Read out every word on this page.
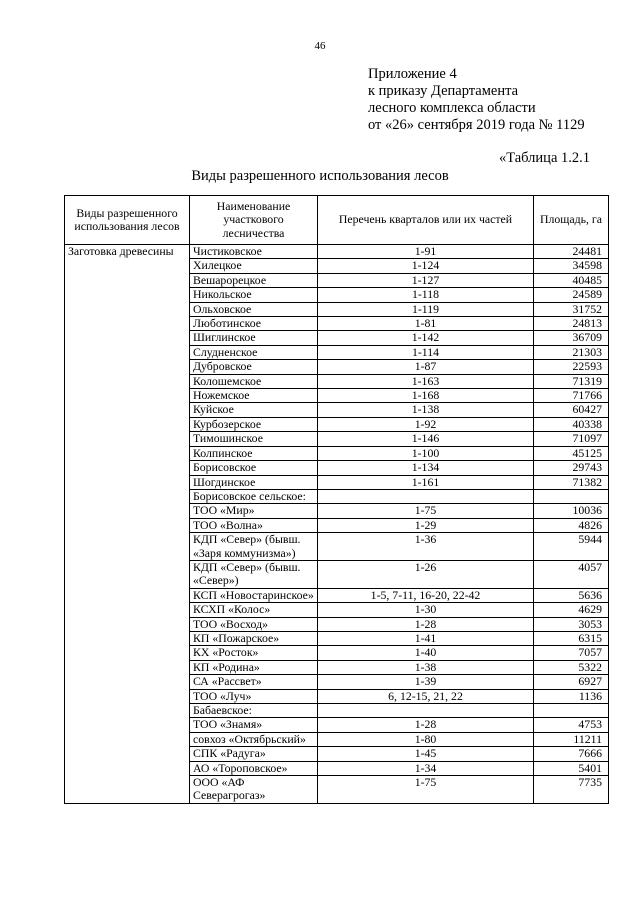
46
Приложение 4
к приказу Департамента
лесного комплекса области
от «26» сентября 2019 года № 1129
«Таблица 1.2.1
Виды разрешенного использования лесов
Виды разрешенного использования лесов	Наименование участкового лесничества	Перечень кварталов или их частей	Площадь, га
Заготовка древесины	Чистиковское	1-91	24481
	Хилецкое	1-124	34598
	Вешарорецкое	1-127	40485
	Никольское	1-118	24589
	Ольховское	1-119	31752
	Люботинское	1-81	24813
	Шиглинское	1-142	36709
	Слудненское	1-114	21303
	Дубровское	1-87	22593
	Колошемское	1-163	71319
	Ножемское	1-168	71766
	Куйское	1-138	60427
	Курбозерское	1-92	40338
	Тимошинское	1-146	71097
	Колпинское	1-100	45125
	Борисовское	1-134	29743
	Шогдинское	1-161	71382
	Борисовское сельское:		
	ТОО «Мир»	1-75	10036
	ТОО «Волна»	1-29	4826
	КДП «Север» (бывш. «Заря коммунизма»)	1-36	5944
	КДП «Север» (бывш. «Север»)	1-26	4057
	КСП «Новостаринское»	1-5, 7-11, 16-20, 22-42	5636
	КСХП «Колос»	1-30	4629
	ТОО «Восход»	1-28	3053
	КП «Пожарское»	1-41	6315
	КХ «Росток»	1-40	7057
	КП «Родина»	1-38	5322
	СА «Рассвет»	1-39	6927
	ТОО «Луч»	6, 12-15, 21, 22	1136
	Бабаевское:		
	ТОО «Знамя»	1-28	4753
	совхоз «Октябрьский»	1-80	11211
	СПК «Радуга»	1-45	7666
	АО «Тороповское»	1-34	5401
	ООО «АФ Северагрогаз»	1-75	7735
